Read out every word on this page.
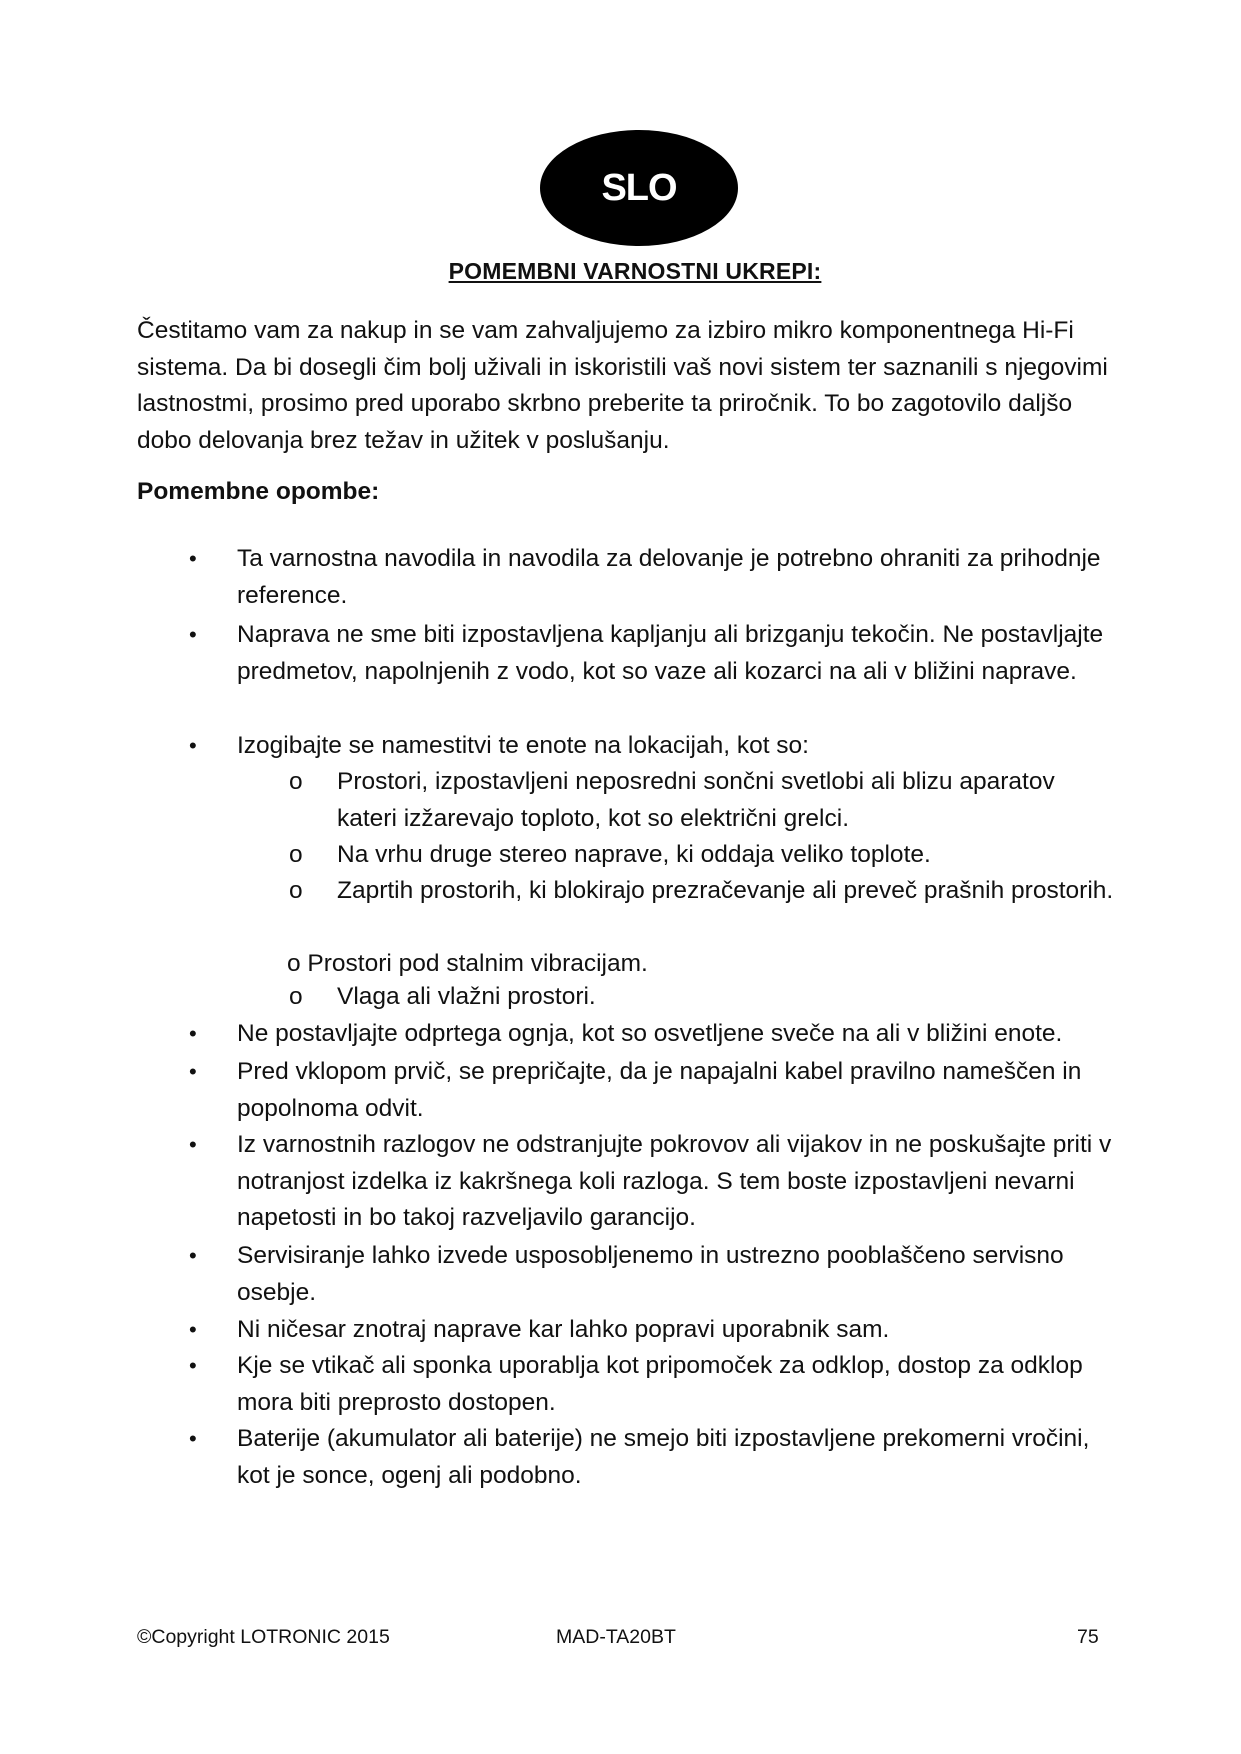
SLO
POMEMBNI VARNOSTNI UKREPI:

Čestitamo vam za nakup in se vam zahvaljujemo za izbiro mikro komponentnega Hi-Fi sistema. Da bi dosegli čim bolj uživali in iskoristili vaš novi sistem ter saznanili s njegovimi lastnostmi, prosimo pred uporabo skrbno preberite ta priročnik. To bo zagotovilo daljšo dobo delovanja brez težav in užitek v poslušanju.

Pomembne opombe:

• Ta varnostna navodila in navodila za delovanje je potrebno ohraniti za prihodnje reference.
• Naprava ne sme biti izpostavljena kapljanju ali brizganju tekočin. Ne postavljajte predmetov, napolnjenih z vodo, kot so vaze ali kozarci na ali v bližini naprave.
• Izogibajte se namestitvi te enote na lokacijah, kot so:
o Prostori, izpostavljeni neposredni sončni svetlobi ali blizu aparatov kateri izžarevajo toploto, kot so električni grelci.
o Na vrhu druge stereo naprave, ki oddaja veliko toplote.
o Zaprtih prostorih, ki blokirajo prezračevanje ali preveč prašnih prostorih.
o Prostori pod stalnim vibracijam.
o Vlaga ali vlažni prostori.
• Ne postavljajte odprtega ognja, kot so osvetljene sveče na ali v bližini enote.
• Pred vklopom prvič, se prepričajte, da je napajalni kabel pravilno nameščen in popolnoma odvit.
• Iz varnostnih razlogov ne odstranjujte pokrovov ali vijakov in ne poskušajte priti v notranjost izdelka iz kakršnega koli razloga. S tem boste izpostavljeni nevarni napetosti in bo takoj razveljavilo garancijo.
• Servisiranje lahko izvede usposobljenemo in ustrezno pooblaščeno servisno osebje.
• Ni ničesar znotraj naprave kar lahko popravi uporabnik sam.
• Kje se vtikač ali sponka uporablja kot pripomoček za odklop, dostop za odklop mora biti preprosto dostopen.
• Baterije (akumulator ali baterije) ne smejo biti izpostavljene prekomerni vročini, kot je sonce, ogenj ali podobno.
©Copyright LOTRONIC 2015	MAD-TA20BT	75
